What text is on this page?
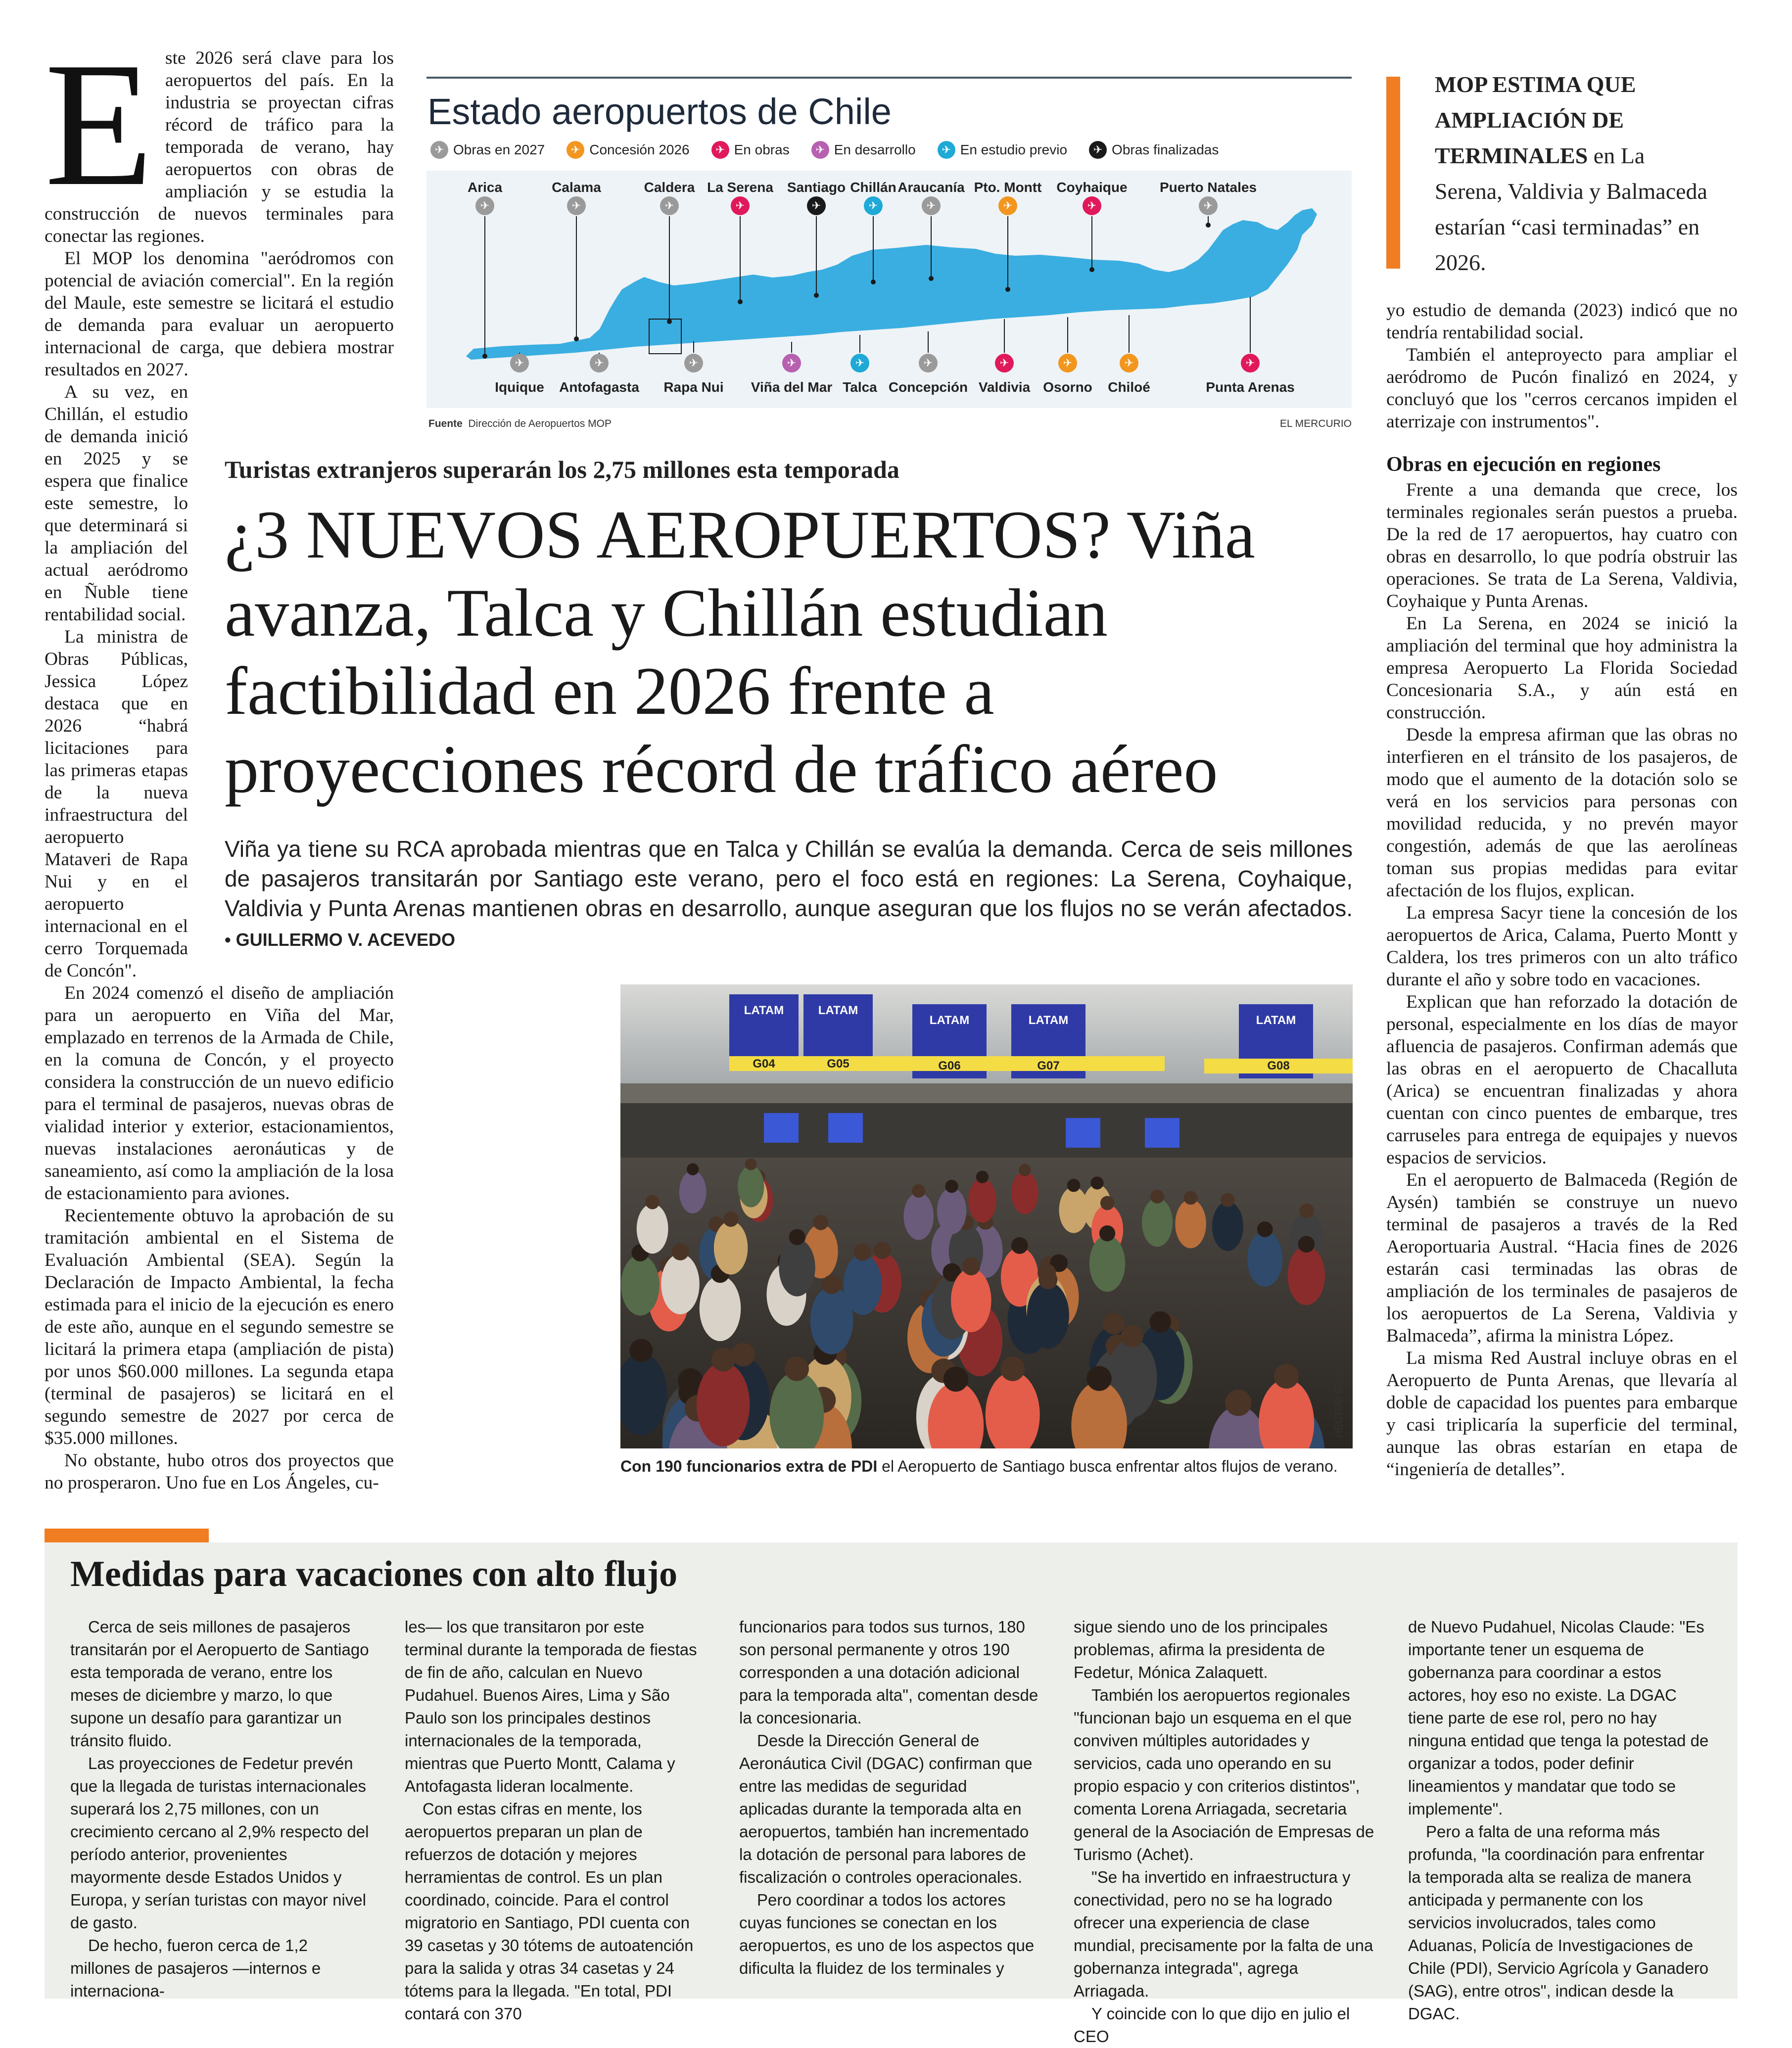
E ste 2026 será clave para los aeropuertos del país. En la industria se proyectan cifras récord de tráfico para la temporada de verano, hay aeropuertos con obras de ampliación y se estudia la construcción de nuevos terminales para conectar las regiones.

El MOP los denomina "aeródromos con potencial de aviación comercial". En la región del Maule, este semestre se licitará el estudio de demanda para evaluar un aeropuerto internacional de carga, que debiera mostrar resultados en 2027.

A su vez, en Chillán, el estudio de demanda inició en 2025 y se espera que finalice este semestre, lo que determinará si la ampliación del actual aeródromo en Ñuble tiene rentabilidad social.

La ministra de Obras Públicas, Jessica López destaca que en 2026 “habrá licitaciones para las primeras etapas de la nueva infraestructura del aeropuerto Mataveri de Rapa Nui y en el aeropuerto internacional en el cerro Torquemada de Concón".

En 2024 comenzó el diseño de ampliación para un aeropuerto en Viña del Mar, emplazado en terrenos de la Armada de Chile, en la comuna de Concón, y el proyecto considera la construcción de un nuevo edificio para el terminal de pasajeros, nuevas obras de vialidad interior y exterior, estacionamientos, nuevas instalaciones aeronáuticas y de saneamiento, así como la ampliación de la losa de estacionamiento para aviones.

Recientemente obtuvo la aprobación de su tramitación ambiental en el Sistema de Evaluación Ambiental (SEA). Según la Declaración de Impacto Ambiental, la fecha estimada para el inicio de la ejecución es enero de este año, aunque en el segundo semestre se licitará la primera etapa (ampliación de pista) por unos $60.000 millones. La segunda etapa (terminal de pasajeros) se licitará en el segundo semestre de 2027 por cerca de $35.000 millones.

No obstante, hubo otros dos proyectos que no prosperaron. Uno fue en Los Ángeles, cu-

Estado aeropuertos de Chile
✈ Obras en 2027	✈ Concesión 2026	✈ En obras	✈ En desarrollo	✈ En estudio previo	✈ Obras finalizadas
Arica	Calama	Caldera La Serena Santiago Chillán Araucanía Pto. Montt Coyhaique Puerto Natales
✈	✈	✈	✈	✈	✈	✈	✈	✈	✈
✈	✈	✈	✈	✈	✈	✈	✈	✈	✈
Iquique Antofagasta Rapa Nui Viña del Mar Talca Concepción Valdivia Osorno Chiloé	Punta Arenas
Fuente Dirección de Aeropuertos MOP	EL MERCURIO
Turistas extranjeros superarán los 2,75 millones esta temporada
¿3 NUEVOS AEROPUERTOS? Viña avanza, Talca y Chillán estudian factibilidad en 2026 frente a proyecciones récord de tráfico aéreo

Viña ya tiene su RCA aprobada mientras que en Talca y Chillán se evalúa la demanda. Cerca de seis millones de pasajeros transitarán por Santiago este verano, pero el foco está en regiones: La Serena, Coyhaique, Valdivia y Punta Arenas mantienen obras en desarrollo, aunque aseguran que los flujos no se verán afectados. • GUILLERMO V. ACEVEDO

LATAM	LATAM
LATAM	LATAM	LATAM
G04	G05	G06	G07	G08
HÉCTOR FLORES
Con 190 funcionarios extra de PDI el Aeropuerto de Santiago busca enfrentar altos flujos de verano.
MOP ESTIMA QUE AMPLIACIÓN DE TERMINALES en La Serena, Valdivia y Balmaceda estarían “casi terminadas” en 2026.

yo estudio de demanda (2023) indicó que no tendría rentabilidad social.

También el anteproyecto para ampliar el aeródromo de Pucón finalizó en 2024, y concluyó que los "cerros cercanos impiden el aterrizaje con instrumentos".

Obras en ejecución en regiones

Frente a una demanda que crece, los terminales regionales serán puestos a prueba. De la red de 17 aeropuertos, hay cuatro con obras en desarrollo, lo que podría obstruir las operaciones. Se trata de La Serena, Valdivia, Coyhaique y Punta Arenas.

En La Serena, en 2024 se inició la ampliación del terminal que hoy administra la empresa Aeropuerto La Florida Sociedad Concesionaria S.A., y aún está en construcción.

Desde la empresa afirman que las obras no interfieren en el tránsito de los pasajeros, de modo que el aumento de la dotación solo se verá en los servicios para personas con movilidad reducida, y no prevén mayor congestión, además de que las aerolíneas toman sus propias medidas para evitar afectación de los flujos, explican.

La empresa Sacyr tiene la concesión de los aeropuertos de Arica, Calama, Puerto Montt y Caldera, los tres primeros con un alto tráfico durante el año y sobre todo en vacaciones.

Explican que han reforzado la dotación de personal, especialmente en los días de mayor afluencia de pasajeros. Confirman además que las obras en el aeropuerto de Chacalluta (Arica) se encuentran finalizadas y ahora cuentan con cinco puentes de embarque, tres carruseles para entrega de equipajes y nuevos espacios de servicios.

En el aeropuerto de Balmaceda (Región de Aysén) también se construye un nuevo terminal de pasajeros a través de la Red Aeroportuaria Austral. “Hacia fines de 2026 estarán casi terminadas las obras de ampliación de los terminales de pasajeros de los aeropuertos de La Serena, Valdivia y Balmaceda”, afirma la ministra López.

La misma Red Austral incluye obras en el Aeropuerto de Punta Arenas, que llevaría al doble de capacidad los puentes para embarque y casi triplicaría la superficie del terminal, aunque las obras estarían en etapa de “ingeniería de detalles”.

Medidas para vacaciones con alto flujo

Cerca de seis millones de pasajeros transitarán por el Aeropuerto de Santiago esta temporada de verano, entre los meses de diciembre y marzo, lo que supone un desafío para garantizar un tránsito fluido.

Las proyecciones de Fedetur prevén que la llegada de turistas internacionales superará los 2,75 millones, con un crecimiento cercano al 2,9% respecto del período anterior, provenientes mayormente desde Estados Unidos y Europa, y serían turistas con mayor nivel de gasto.

De hecho, fueron cerca de 1,2 millones de pasajeros —internos e internaciona-

les— los que transitaron por este terminal durante la temporada de fiestas de fin de año, calculan en Nuevo Pudahuel. Buenos Aires, Lima y São Paulo son los principales destinos internacionales de la temporada, mientras que Puerto Montt, Calama y Antofagasta lideran localmente.

Con estas cifras en mente, los aeropuertos preparan un plan de refuerzos de dotación y mejores herramientas de control. Es un plan coordinado, coincide. Para el control migratorio en Santiago, PDI cuenta con 39 casetas y 30 tótems de autoatención para la salida y otras 34 casetas y 24 tótems para la llegada. "En total, PDI contará con 370

funcionarios para todos sus turnos, 180 son personal permanente y otros 190 corresponden a una dotación adicional para la temporada alta", comentan desde la concesionaria.

Desde la Dirección General de Aeronáutica Civil (DGAC) confirman que entre las medidas de seguridad aplicadas durante la temporada alta en aeropuertos, también han incrementado la dotación de personal para labores de fiscalización o controles operacionales.

Pero coordinar a todos los actores cuyas funciones se conectan en los aeropuertos, es uno de los aspectos que dificulta la fluidez de los terminales y

sigue siendo uno de los principales problemas, afirma la presidenta de Fedetur, Mónica Zalaquett.

También los aeropuertos regionales "funcionan bajo un esquema en el que conviven múltiples autoridades y servicios, cada uno operando en su propio espacio y con criterios distintos", comenta Lorena Arriagada, secretaria general de la Asociación de Empresas de Turismo (Achet).

"Se ha invertido en infraestructura y conectividad, pero no se ha logrado ofrecer una experiencia de clase mundial, precisamente por la falta de una gobernanza integrada", agrega Arriagada.

Y coincide con lo que dijo en julio el CEO

de Nuevo Pudahuel, Nicolas Claude: "Es importante tener un esquema de gobernanza para coordinar a estos actores, hoy eso no existe. La DGAC tiene parte de ese rol, pero no hay ninguna entidad que tenga la potestad de organizar a todos, poder definir lineamientos y mandatar que todo se implemente".

Pero a falta de una reforma más profunda, "la coordinación para enfrentar la temporada alta se realiza de manera anticipada y permanente con los servicios involucrados, tales como Aduanas, Policía de Investigaciones de Chile (PDI), Servicio Agrícola y Ganadero (SAG), entre otros", indican desde la DGAC.
